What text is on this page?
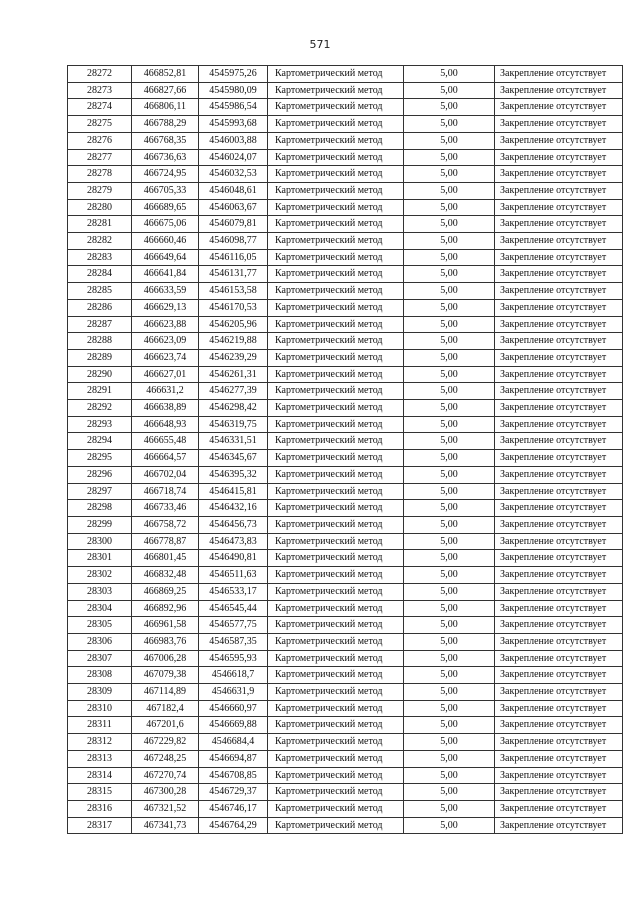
571
28272	466852,81	4545975,26	Картометрический метод	5,00	Закрепление отсутствует
28273	466827,66	4545980,09	Картометрический метод	5,00	Закрепление отсутствует
28274	466806,11	4545986,54	Картометрический метод	5,00	Закрепление отсутствует
28275	466788,29	4545993,68	Картометрический метод	5,00	Закрепление отсутствует
28276	466768,35	4546003,88	Картометрический метод	5,00	Закрепление отсутствует
28277	466736,63	4546024,07	Картометрический метод	5,00	Закрепление отсутствует
28278	466724,95	4546032,53	Картометрический метод	5,00	Закрепление отсутствует
28279	466705,33	4546048,61	Картометрический метод	5,00	Закрепление отсутствует
28280	466689,65	4546063,67	Картометрический метод	5,00	Закрепление отсутствует
28281	466675,06	4546079,81	Картометрический метод	5,00	Закрепление отсутствует
28282	466660,46	4546098,77	Картометрический метод	5,00	Закрепление отсутствует
28283	466649,64	4546116,05	Картометрический метод	5,00	Закрепление отсутствует
28284	466641,84	4546131,77	Картометрический метод	5,00	Закрепление отсутствует
28285	466633,59	4546153,58	Картометрический метод	5,00	Закрепление отсутствует
28286	466629,13	4546170,53	Картометрический метод	5,00	Закрепление отсутствует
28287	466623,88	4546205,96	Картометрический метод	5,00	Закрепление отсутствует
28288	466623,09	4546219,88	Картометрический метод	5,00	Закрепление отсутствует
28289	466623,74	4546239,29	Картометрический метод	5,00	Закрепление отсутствует
28290	466627,01	4546261,31	Картометрический метод	5,00	Закрепление отсутствует
28291	466631,2	4546277,39	Картометрический метод	5,00	Закрепление отсутствует
28292	466638,89	4546298,42	Картометрический метод	5,00	Закрепление отсутствует
28293	466648,93	4546319,75	Картометрический метод	5,00	Закрепление отсутствует
28294	466655,48	4546331,51	Картометрический метод	5,00	Закрепление отсутствует
28295	466664,57	4546345,67	Картометрический метод	5,00	Закрепление отсутствует
28296	466702,04	4546395,32	Картометрический метод	5,00	Закрепление отсутствует
28297	466718,74	4546415,81	Картометрический метод	5,00	Закрепление отсутствует
28298	466733,46	4546432,16	Картометрический метод	5,00	Закрепление отсутствует
28299	466758,72	4546456,73	Картометрический метод	5,00	Закрепление отсутствует
28300	466778,87	4546473,83	Картометрический метод	5,00	Закрепление отсутствует
28301	466801,45	4546490,81	Картометрический метод	5,00	Закрепление отсутствует
28302	466832,48	4546511,63	Картометрический метод	5,00	Закрепление отсутствует
28303	466869,25	4546533,17	Картометрический метод	5,00	Закрепление отсутствует
28304	466892,96	4546545,44	Картометрический метод	5,00	Закрепление отсутствует
28305	466961,58	4546577,75	Картометрический метод	5,00	Закрепление отсутствует
28306	466983,76	4546587,35	Картометрический метод	5,00	Закрепление отсутствует
28307	467006,28	4546595,93	Картометрический метод	5,00	Закрепление отсутствует
28308	467079,38	4546618,7	Картометрический метод	5,00	Закрепление отсутствует
28309	467114,89	4546631,9	Картометрический метод	5,00	Закрепление отсутствует
28310	467182,4	4546660,97	Картометрический метод	5,00	Закрепление отсутствует
28311	467201,6	4546669,88	Картометрический метод	5,00	Закрепление отсутствует
28312	467229,82	4546684,4	Картометрический метод	5,00	Закрепление отсутствует
28313	467248,25	4546694,87	Картометрический метод	5,00	Закрепление отсутствует
28314	467270,74	4546708,85	Картометрический метод	5,00	Закрепление отсутствует
28315	467300,28	4546729,37	Картометрический метод	5,00	Закрепление отсутствует
28316	467321,52	4546746,17	Картометрический метод	5,00	Закрепление отсутствует
28317	467341,73	4546764,29	Картометрический метод	5,00	Закрепление отсутствует
